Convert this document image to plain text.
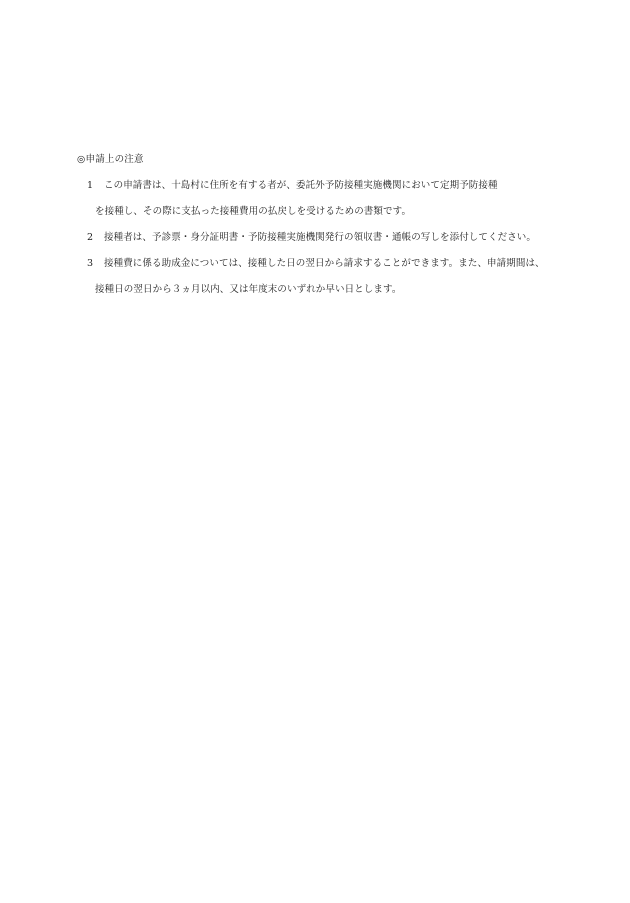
◎申請上の注意
1	この申請書は、十島村に住所を有する者が、委託外予防接種実施機関において定期予防接種
を接種し、その際に支払った接種費用の払戻しを受けるための書類です。
2	接種者は、予診票・身分証明書・予防接種実施機関発行の領収書・通帳の写しを添付してください。
3	接種費に係る助成金については、接種した日の翌日から請求することができます。また、申請期間は、
接種日の翌日から３ヵ月以内、又は年度末のいずれか早い日とします。
